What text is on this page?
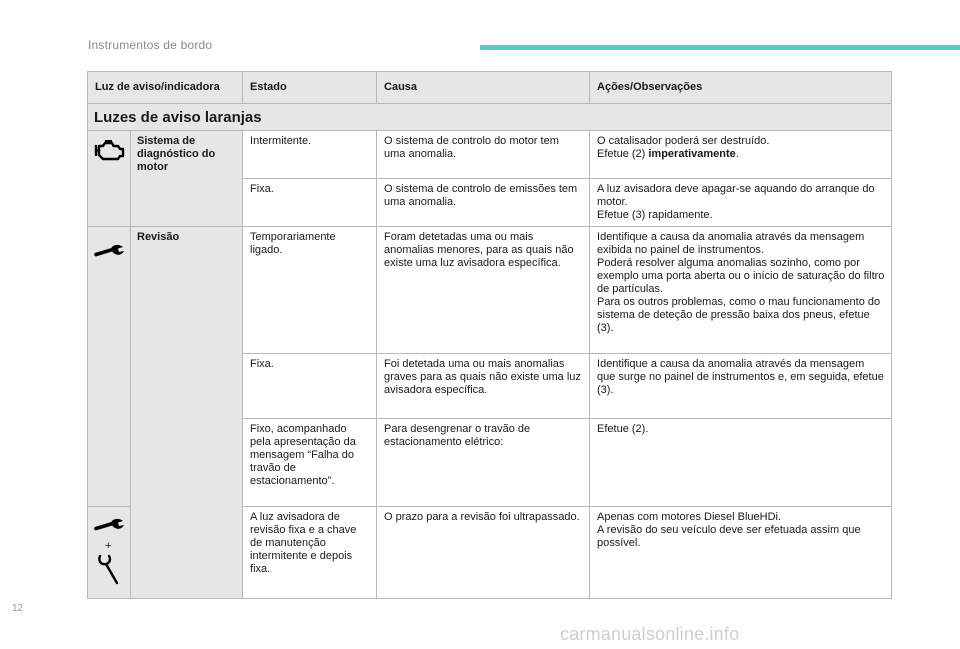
Instrumentos de bordo
Luz de aviso/indicadora		Estado	Causa	Ações/Observações
Luzes de aviso laranjas				

	Sistema de diagnóstico do motor	Intermitente.	O sistema de controlo do motor tem uma anomalia.	O catalisador poderá ser destruído.
Efetue (2) imperativamente.
		Fixa.	O sistema de controlo de emissões tem uma anomalia.	A luz avisadora deve apagar-se aquando do arranque do motor.
Efetue (3) rapidamente.

	Revisão	Temporariamente ligado.	Foram detetadas uma ou mais anomalias menores, para as quais não existe uma luz avisadora específica.	Identifique a causa da anomalia através da mensagem exibida no painel de instrumentos.
Poderá resolver alguma anomalias sozinho, como por exemplo uma porta aberta ou o início de saturação do filtro de partículas.
Para os outros problemas, como o mau funcionamento do sistema de deteção de pressão baixa dos pneus, efetue (3).
		Fixa.	Foi detetada uma ou mais anomalias graves para as quais não existe uma luz avisadora específica.	Identifique a causa da anomalia através da mensagem que surge no painel de instrumentos e, em seguida, efetue (3).
		Fixo, acompanhado pela apresentação da mensagem “Falha do travão de estacionamento”.	Para desengrenar o travão de estacionamento elétrico:	Efetue (2).

+		A luz avisadora de revisão fixa e a chave de manutenção intermitente e depois fixa.	O prazo para a revisão foi ultrapassado.	Apenas com motores Diesel BlueHDi.
A revisão do seu veículo deve ser efetuada assim que possível.
12
carmanualsonline.info
